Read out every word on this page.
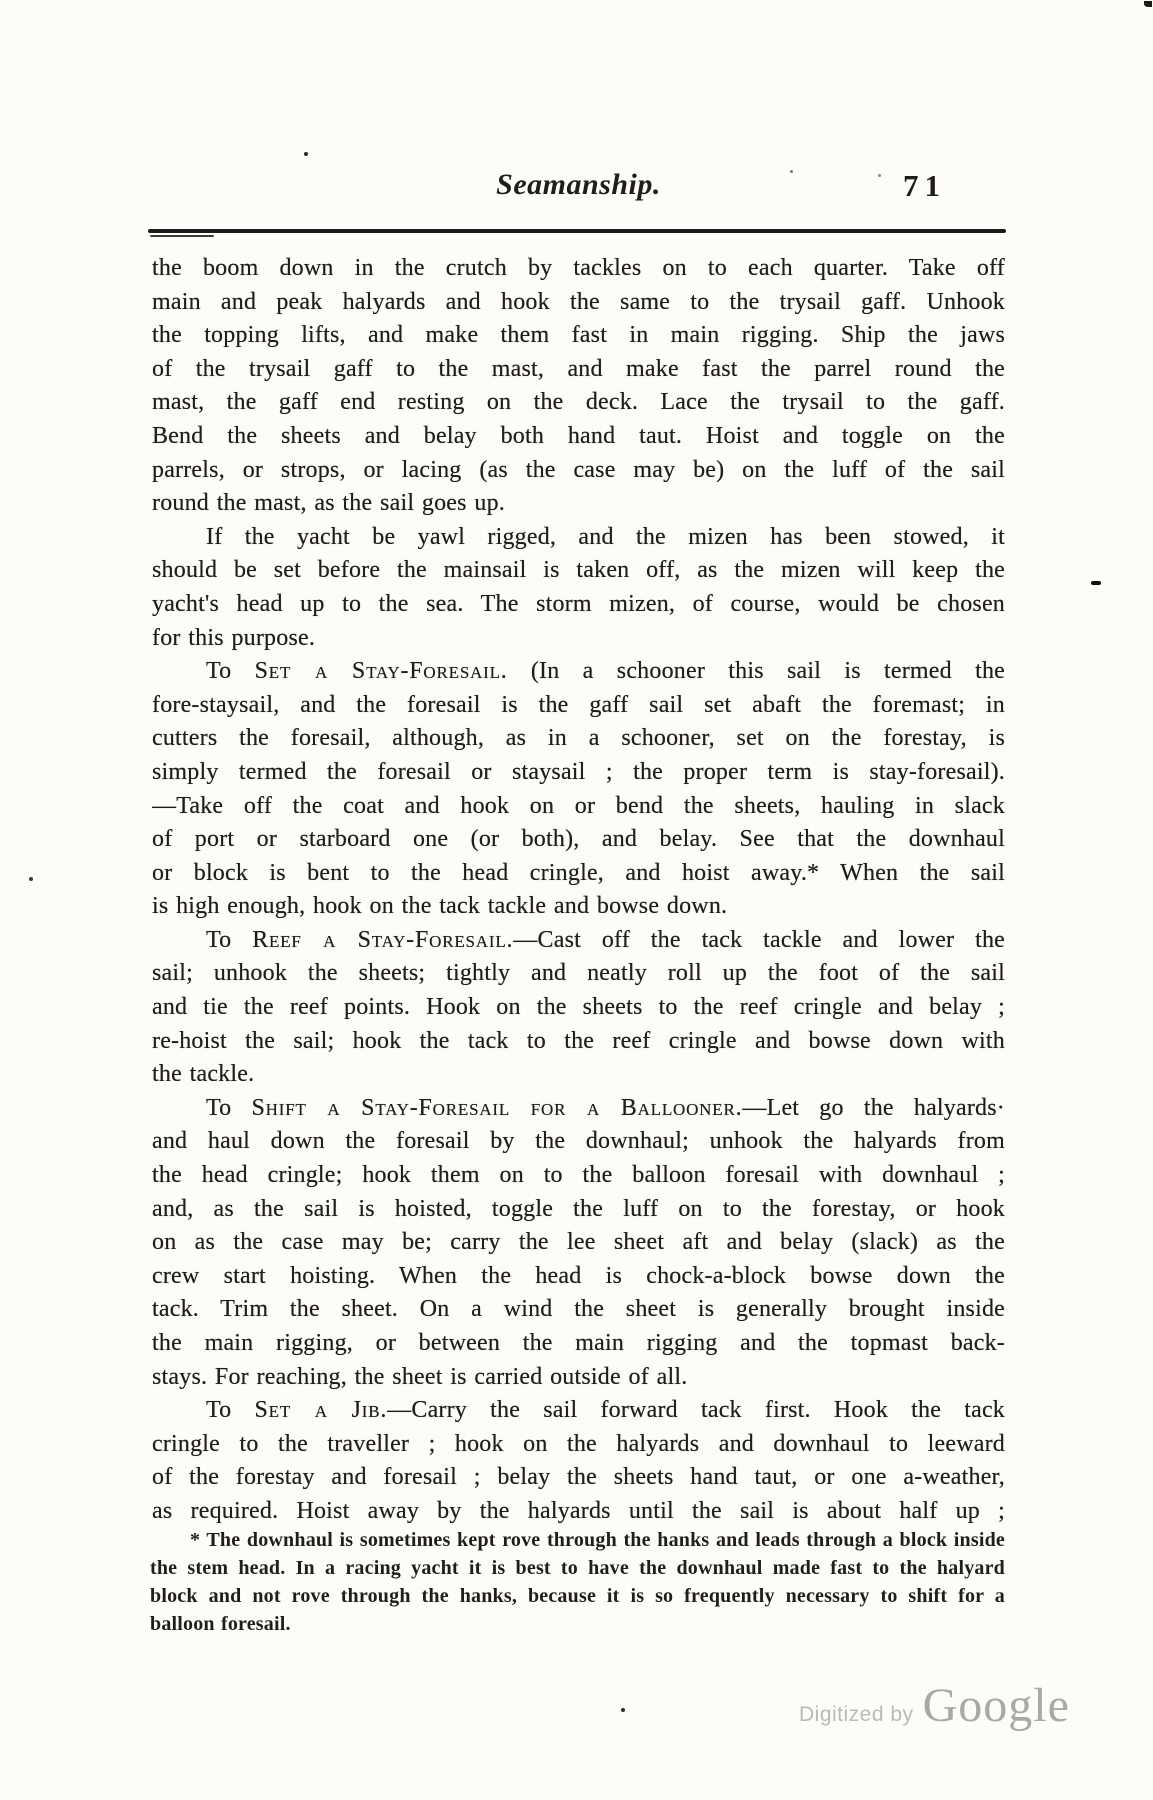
Seamanship.	71
the boom down in the crutch by tackles on to each quarter. Take off
main and peak halyards and hook the same to the trysail gaff. Unhook
the topping lifts, and make them fast in main rigging. Ship the jaws
of the trysail gaff to the mast, and make fast the parrel round the
mast, the gaff end resting on the deck. Lace the trysail to the gaff.
Bend the sheets and belay both hand taut. Hoist and toggle on the
parrels, or strops, or lacing (as the case may be) on the luff of the sail
round the mast, as the sail goes up.
If the yacht be yawl rigged, and the mizen has been stowed, it
should be set before the mainsail is taken off, as the mizen will keep the
yacht's head up to the sea. The storm mizen, of course, would be chosen
for this purpose.
To Set a Stay-Foresail. (In a schooner this sail is termed the
fore-staysail, and the foresail is the gaff sail set abaft the foremast; in
cutters the foresail, although, as in a schooner, set on the forestay, is
simply termed the foresail or staysail ; the proper term is stay-foresail).
—Take off the coat and hook on or bend the sheets, hauling in slack
of port or starboard one (or both), and belay. See that the downhaul
or block is bent to the head cringle, and hoist away.* When the sail
is high enough, hook on the tack tackle and bowse down.
To Reef a Stay-Foresail.—Cast off the tack tackle and lower the
sail; unhook the sheets; tightly and neatly roll up the foot of the sail
and tie the reef points. Hook on the sheets to the reef cringle and belay ;
re-hoist the sail; hook the tack to the reef cringle and bowse down with
the tackle.
To Shift a Stay-Foresail for a Ballooner.—Let go the halyards·
and haul down the foresail by the downhaul; unhook the halyards from
the head cringle; hook them on to the balloon foresail with downhaul ;
and, as the sail is hoisted, toggle the luff on to the forestay, or hook
on as the case may be; carry the lee sheet aft and belay (slack) as the
crew start hoisting. When the head is chock-a-block bowse down the
tack. Trim the sheet. On a wind the sheet is generally brought inside
the main rigging, or between the main rigging and the topmast back-
stays. For reaching, the sheet is carried outside of all.
To Set a Jib.—Carry the sail forward tack first. Hook the tack
cringle to the traveller ; hook on the halyards and downhaul to leeward
of the forestay and foresail ; belay the sheets hand taut, or one a-weather,
as required. Hoist away by the halyards until the sail is about half up ;
* The downhaul is sometimes kept rove through the hanks and leads through a block inside
the stem head. In a racing yacht it is best to have the downhaul made fast to the halyard
block and not rove through the hanks, because it is so frequently necessary to shift for a
balloon foresail.
Digitized by Google
